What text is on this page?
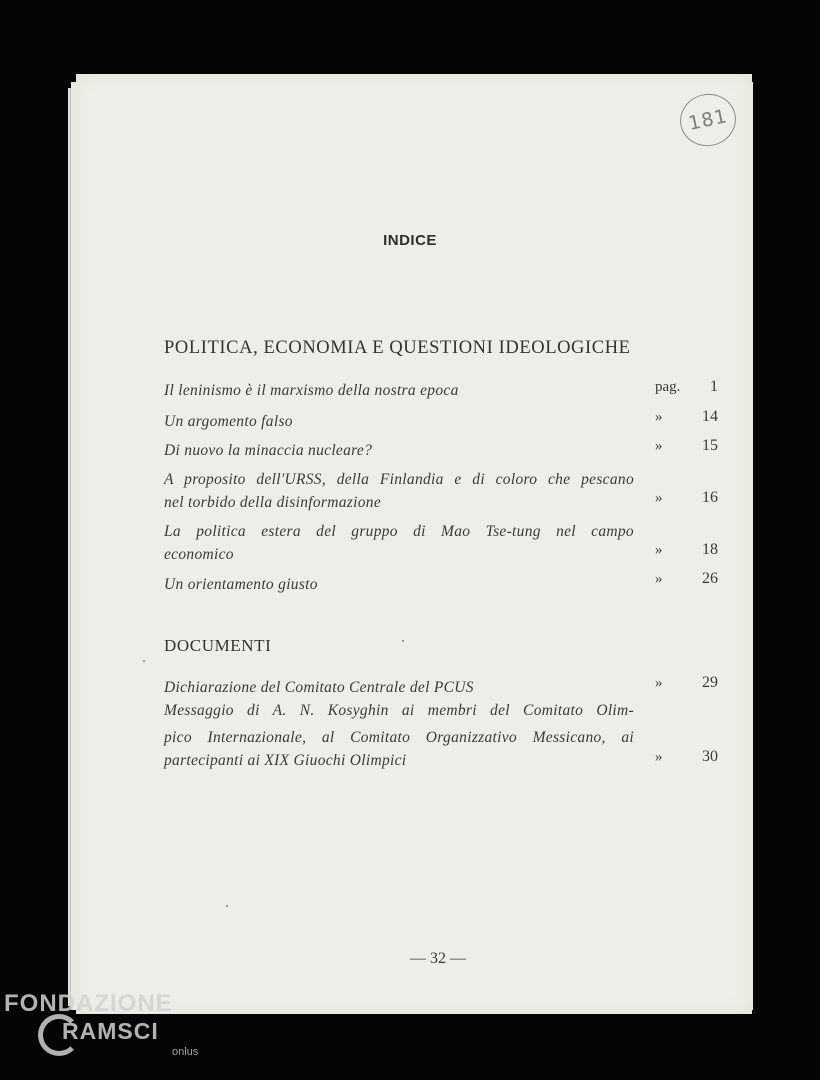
181
INDICE
POLITICA, ECONOMIA E QUESTIONI IDEOLOGICHE
Il leninismo è il marxismo della nostra epoca	pag.	1
Un argomento falso	»	14
Di nuovo la minaccia nucleare?	»	15
A proposito dell'URSS, della Finlandia e di coloro che pescano
nel torbido della disinformazione	»	16
La politica estera del gruppo di Mao Tse-tung nel campo
economico	»	18
Un orientamento giusto	»	26
DOCUMENTI
Dichiarazione del Comitato Centrale del PCUS	»	29
Messaggio di A. N. Kosyghin ai membri del Comitato Olim-
pico Internazionale, al Comitato Organizzativo Messicano, ai
partecipanti ai XIX Giuochi Olimpici	»	30
— 32 —
FONDAZIONE
RAMSCI
onlus
